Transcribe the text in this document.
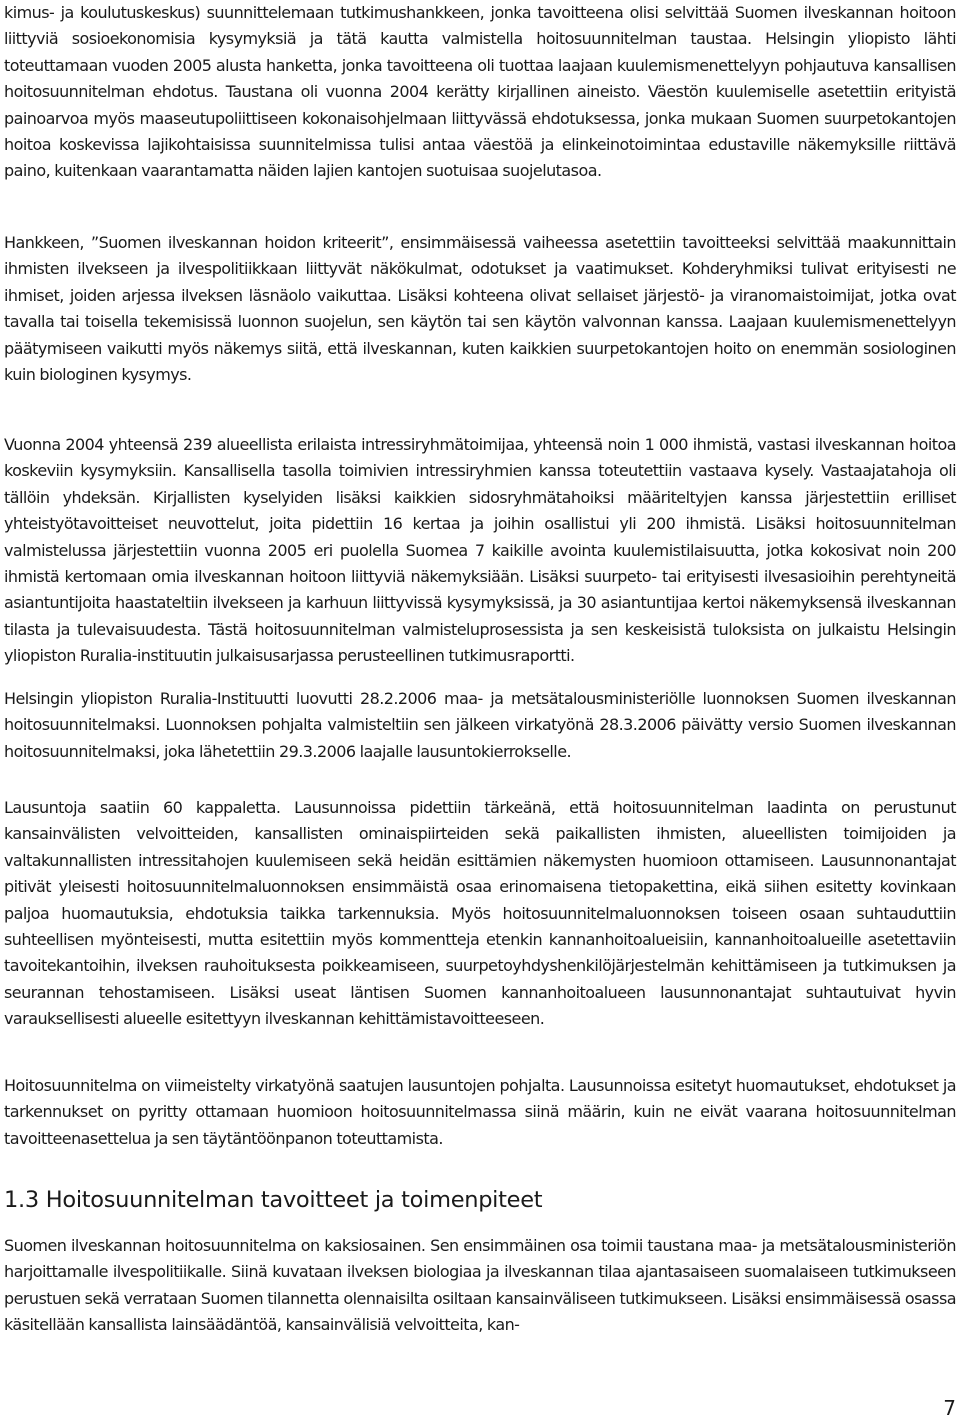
kimus- ja koulutuskeskus) suunnittelemaan tutkimushankkeen, jonka tavoitteena olisi selvittää Suomen ilveskannan hoitoon liittyviä sosioekonomisia kysymyksiä ja tätä kautta valmistella hoitosuunnitelman taustaa. Helsingin yliopisto lähti toteuttamaan vuoden 2005 alusta hanketta, jonka tavoitteena oli tuottaa laajaan kuulemismenettelyyn pohjautuva kansallisen hoitosuunnitelman ehdotus. Taustana oli vuonna 2004 kerätty kirjallinen aineisto. Väestön kuulemiselle asetettiin erityistä painoarvoa myös maaseutupoliittiseen kokonaisohjelmaan liittyvässä ehdotuksessa, jonka mukaan Suomen suurpetokantojen hoitoa koskevissa lajikohtaisissa suunnitelmissa tulisi antaa väestöä ja elinkeinotoimintaa edustaville näkemyksille riittävä paino, kuitenkaan vaarantamatta näiden lajien kantojen suotuisaa suojelutasoa.

Hankkeen, ”Suomen ilveskannan hoidon kriteerit”, ensimmäisessä vaiheessa asetettiin tavoitteeksi selvittää maakunnittain ihmisten ilvekseen ja ilvespolitiikkaan liittyvät näkökulmat, odotukset ja vaatimukset. Kohderyhmiksi tulivat erityisesti ne ihmiset, joiden arjessa ilveksen läsnäolo vaikuttaa. Lisäksi kohteena olivat sellaiset järjestö- ja viranomaistoimijat, jotka ovat tavalla tai toisella tekemisissä luonnon suojelun, sen käytön tai sen käytön valvonnan kanssa. Laajaan kuulemismenettelyyn päätymiseen vaikutti myös näkemys siitä, että ilveskannan, kuten kaikkien suurpetokantojen hoito on enemmän sosiologinen kuin biologinen kysymys.

Vuonna 2004 yhteensä 239 alueellista erilaista intressiryhmätoimijaa, yhteensä noin 1 000 ihmistä, vastasi ilveskannan hoitoa koskeviin kysymyksiin. Kansallisella tasolla toimivien intressiryhmien kanssa toteutettiin vastaava kysely. Vastaajatahoja oli tällöin yhdeksän. Kirjallisten kyselyiden lisäksi kaikkien sidosryhmätahoiksi määriteltyjen kanssa järjestettiin erilliset yhteistyötavoitteiset neuvottelut, joita pidettiin 16 kertaa ja joihin osallistui yli 200 ihmistä. Lisäksi hoitosuunnitelman valmistelussa järjestettiin vuonna 2005 eri puolella Suomea 7 kaikille avointa kuulemistilaisuutta, jotka kokosivat noin 200 ihmistä kertomaan omia ilveskannan hoitoon liittyviä näkemyksiään. Lisäksi suurpeto- tai erityisesti ilvesasioihin perehtyneitä asiantuntijoita haastateltiin ilvekseen ja karhuun liittyvissä kysymyksissä, ja 30 asiantuntijaa kertoi näkemyksensä ilveskannan tilasta ja tulevaisuudesta. Tästä hoitosuunnitelman valmisteluprosessista ja sen keskeisistä tuloksista on julkaistu Helsingin yliopiston Ruralia-instituutin julkaisusarjassa perusteellinen tutkimusraportti.

Helsingin yliopiston Ruralia-Instituutti luovutti 28.2.2006 maa- ja metsätalousministeriölle luonnoksen Suomen ilveskannan hoitosuunnitelmaksi. Luonnoksen pohjalta valmisteltiin sen jälkeen virkatyönä 28.3.2006 päivätty versio Suomen ilveskannan hoitosuunnitelmaksi, joka lähetettiin 29.3.2006 laajalle lausuntokierrokselle.

Lausuntoja saatiin 60 kappaletta. Lausunnoissa pidettiin tärkeänä, että hoitosuunnitelman laadinta on perustunut kansainvälisten velvoitteiden, kansallisten ominaispiirteiden sekä paikallisten ihmisten, alueellisten toimijoiden ja valtakunnallisten intressitahojen kuulemiseen sekä heidän esittämien näkemysten huomioon ottamiseen. Lausunnonantajat pitivät yleisesti hoitosuunnitelmaluonnoksen ensimmäistä osaa erinomaisena tietopakettina, eikä siihen esitetty kovinkaan paljoa huomautuksia, ehdotuksia taikka tarkennuksia. Myös hoitosuunnitelmaluonnoksen toiseen osaan suhtauduttiin suhteellisen myönteisesti, mutta esitettiin myös kommentteja etenkin kannanhoitoalueisiin, kannanhoitoalueille asetettaviin tavoitekantoihin, ilveksen rauhoituksesta poikkeamiseen, suurpetoyhdyshenkilöjärjestelmän kehittämiseen ja tutkimuksen ja seurannan tehostamiseen. Lisäksi useat läntisen Suomen kannanhoitoalueen lausunnonantajat suhtautuivat hyvin varauksellisesti alueelle esitettyyn ilveskannan kehittämistavoitteeseen.

Hoitosuunnitelma on viimeistelty virkatyönä saatujen lausuntojen pohjalta. Lausunnoissa esitetyt huomautukset, ehdotukset ja tarkennukset on pyritty ottamaan huomioon hoitosuunnitelmassa siinä määrin, kuin ne eivät vaarana hoitosuunnitelman tavoitteenasettelua ja sen täytäntöönpanon toteuttamista.

1.3 Hoitosuunnitelman tavoitteet ja toimenpiteet

Suomen ilveskannan hoitosuunnitelma on kaksiosainen. Sen ensimmäinen osa toimii taustana maa- ja metsätalousministeriön harjoittamalle ilvespolitiikalle. Siinä kuvataan ilveksen biologiaa ja ilveskannan tilaa ajantasaiseen suomalaiseen tutkimukseen perustuen sekä verrataan Suomen tilannetta olennaisilta osiltaan kansainväliseen tutkimukseen. Lisäksi ensimmäisessä osassa käsitellään kansallista lainsäädäntöä, kansainvälisiä velvoitteita, kan-

7
